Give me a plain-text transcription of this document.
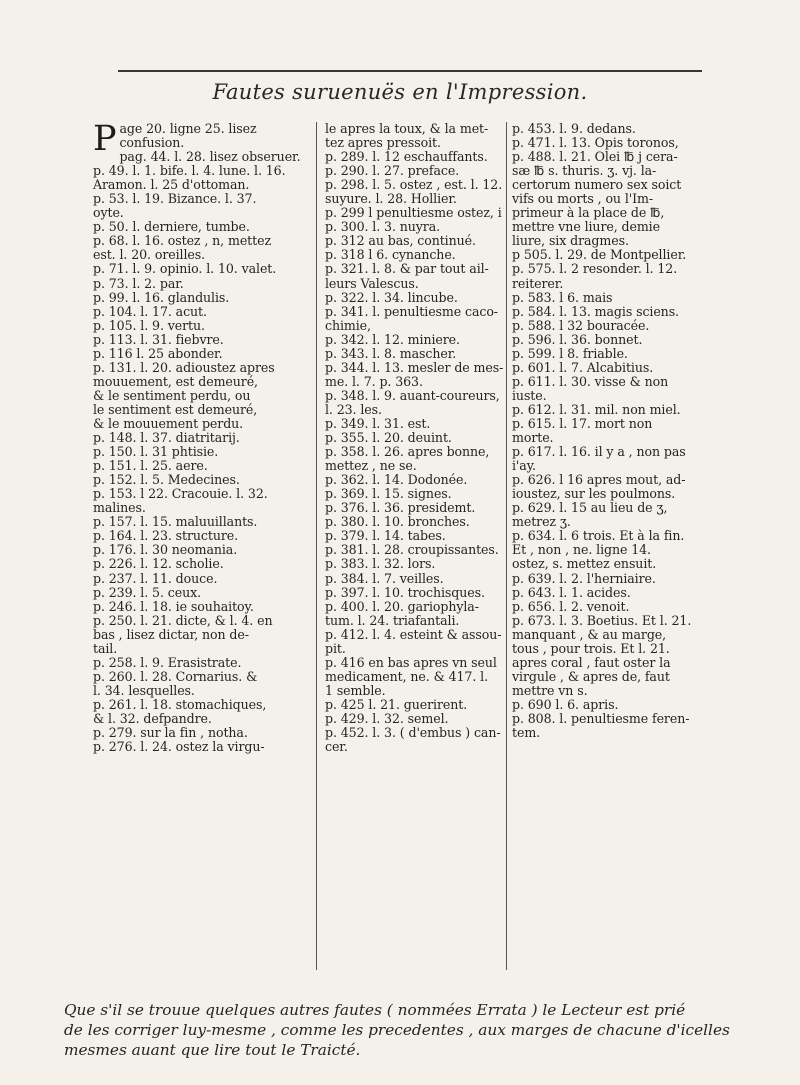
Fautes suruenuës en l'Impression.
Page 20. ligne 25. lisez
confusion.
pag. 44. l. 28. lisez obseruer.
p. 49. l. 1. bife. l. 4. lune. l. 16.
Aramon. l. 25 d'ottoman.
p. 53. l. 19. Bizance. l. 37.
oyte.
p. 50. l. derniere, tumbe.
p. 68. l. 16. ostez , n, mettez
est. l. 20. oreilles.
p. 71. l. 9. opinio. l. 10. valet.
p. 73. l. 2. par.
p. 99. l. 16. glandulis.
p. 104. l. 17. acut.
p. 105. l. 9. vertu.
p. 113. l. 31. fiebvre.
p. 116 l. 25 abonder.
p. 131. l. 20. adioustez apres
mouuement, est demeuré,
& le sentiment perdu, ou
le sentiment est demeuré,
& le mouuement perdu.
p. 148. l. 37. diatritarij.
p. 150. l. 31 phtisie.
p. 151. l. 25. aere.
p. 152. l. 5. Medecines.
p. 153. l 22. Cracouie. l. 32.
malines.
p. 157. l. 15. maluuillants.
p. 164. l. 23. structure.
p. 176. l. 30 neomania.
p. 226. l. 12. scholie.
p. 237. l. 11. douce.
p. 239. l. 5. ceux.
p. 246. l. 18. ie souhaitoy.
p. 250. l. 21. dicte, & l. 4. en
bas , lisez dictar, non de-
tail.
p. 258. l. 9. Erasistrate.
p. 260. l. 28. Cornarius. &
l. 34. lesquelles.
p. 261. l. 18. stomachiques,
& l. 32. defpandre.
p. 279. sur la fin , notha.
p. 276. l. 24. ostez la virgu-
le apres la toux, & la met-
tez apres pressoit.
p. 289. l. 12 eschauffants.
p. 290. l. 27. preface.
p. 298. l. 5. ostez , est. l. 12.
suyure. l. 28. Hollier.
p. 299 l penultiesme ostez, i
p. 300. l. 3. nuyra.
p. 312 au bas, continué.
p. 318 l 6. cynanche.
p. 321. l. 8. & par tout ail-
leurs Valescus.
p. 322. l. 34. lincube.
p. 341. l. penultiesme caco-
chimie,
p. 342. l. 12. miniere.
p. 343. l. 8. mascher.
p. 344. l. 13. mesler de mes-
me. l. 7. p. 363.
p. 348. l. 9. auant-coureurs,
l. 23. les.
p. 349. l. 31. est.
p. 355. l. 20. deuint.
p. 358. l. 26. apres bonne,
mettez , ne se.
p. 362. l. 14. Dodonée.
p. 369. l. 15. signes.
p. 376. l. 36. presidemt.
p. 380. l. 10. bronches.
p. 379. l. 14. tabes.
p. 381. l. 28. croupissantes.
p. 383. l. 32. lors.
p. 384. l. 7. veilles.
p. 397. l. 10. trochisques.
p. 400. l. 20. gariophyla-
tum. l. 24. triafantali.
p. 412. l. 4. esteint & assou-
pit.
p. 416 en bas apres vn seul
medicament, ne. & 417. l.
1 semble.
p. 425 l. 21. guerirent.
p. 429. l. 32. semel.
p. 452. l. 3. ( d'embus ) can-
cer.
p. 453. l. 9. dedans.
p. 471. l. 13. Opis toronos,
p. 488. l. 21. Olei ℔ j cera-
sæ ℔ s. thuris. ʒ. vj. la-
certorum numero sex soict
vifs ou morts , ou l'Im-
primeur à la place de ℔,
mettre vne liure, demie
liure, six dragmes.
p 505. l. 29. de Montpellier.
p. 575. l. 2 resonder. l. 12.
reiterer.
p. 583. l 6. mais
p. 584. l. 13. magis sciens.
p. 588. l 32 bouracée.
p. 596. l. 36. bonnet.
p. 599. l 8. friable.
p. 601. l. 7. Alcabitius.
p. 611. l. 30. visse & non
iuste.
p. 612. l. 31. mil. non miel.
p. 615. l. 17. mort non
morte.
p. 617. l. 16. il y a , non pas
i'ay.
p. 626. l 16 apres mout, ad-
ioustez, sur les poulmons.
p. 629. l. 15 au lieu de ʒ,
metrez ʒ.
p. 634. l. 6 trois. Et à la fin.
Et , non , ne. ligne 14.
ostez, s. mettez ensuit.
p. 639. l. 2. l'herniaire.
p. 643. l. 1. acides.
p. 656. l. 2. venoit.
p. 673. l. 3. Boetius. Et l. 21.
manquant , & au marge,
tous , pour trois. Et l. 21.
apres coral , faut oster la
virgule , & apres de, faut
mettre vn s.
p. 690 l. 6. apris.
p. 808. l. penultiesme feren-
tem.
Que s'il se trouue quelques autres fautes ( nommées Errata ) le Lecteur est prié
de les corriger luy-mesme , comme les precedentes , aux marges de chacune d'icelles
mesmes auant que lire tout le Traicté.
